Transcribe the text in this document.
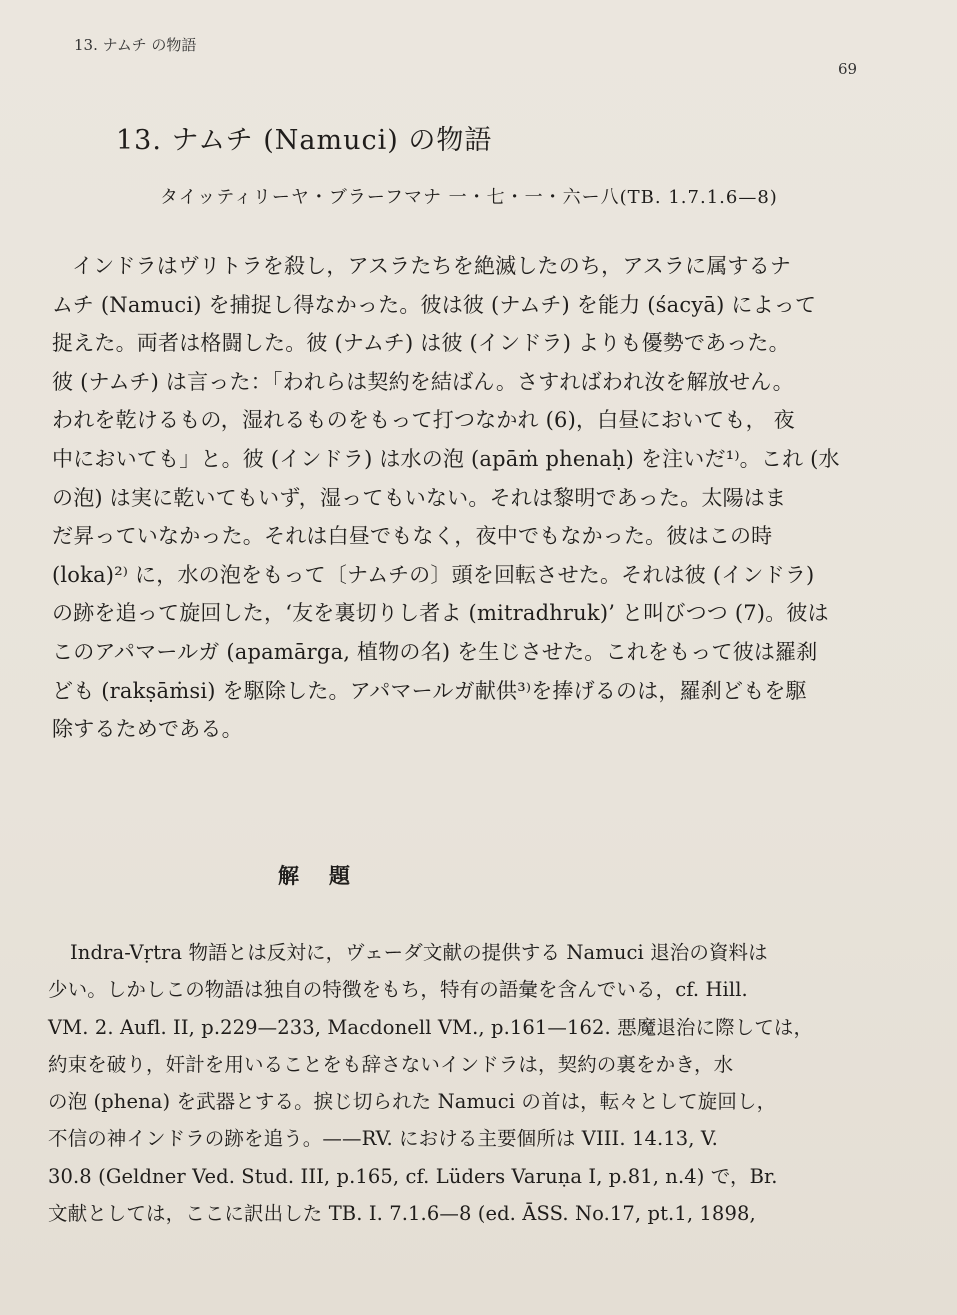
13. ナムチ の物語
69
13. ナムチ (Namuci) の物語
タイッティリーヤ・ブラーフマナ 一・七・一・六ー八(TB. 1.7.1.6—8)
インドラはヴリトラを殺し，アスラたちを絶滅したのち，アスラに属するナ
ムチ (Namuci) を捕捉し得なかった。彼は彼 (ナムチ) を能力 (śacyā) によって
捉えた。両者は格闘した。彼 (ナムチ) は彼 (インドラ) よりも優勢であった。
彼 (ナムチ) は言った：「われらは契約を結ばん。さすればわれ汝を解放せん。
われを乾けるもの，湿れるものをもって打つなかれ (6)，白昼においても， 夜
中においても」と。彼 (インドラ) は水の泡 (apāṁ phenaḥ) を注いだ¹⁾。これ (水
の泡) は実に乾いてもいず，湿ってもいない。それは黎明であった。太陽はま
だ昇っていなかった。それは白昼でもなく，夜中でもなかった。彼はこの時
(loka)²⁾ に，水の泡をもって〔ナムチの〕頭を回転させた。それは彼 (インドラ)
の跡を追って旋回した，‘友を裏切りし者よ (mitradhruk)’ と叫びつつ (7)。彼は
このアパマールガ (apamārga, 植物の名) を生じさせた。これをもって彼は羅刹
ども (rakṣāṁsi) を駆除した。アパマールガ献供³⁾を捧げるのは，羅刹どもを駆
除するためである。
解題
Indra-Vṛtra 物語とは反対に，ヴェーダ文献の提供する Namuci 退治の資料は
少い。しかしこの物語は独自の特徴をもち，特有の語彙を含んでいる，cf. Hill.
VM. 2. Aufl. II, p.229—233, Macdonell VM., p.161—162. 悪魔退治に際しては，
約束を破り，奸計を用いることをも辞さないインドラは，契約の裏をかき，水
の泡 (phena) を武器とする。捩じ切られた Namuci の首は，転々として旋回し，
不信の神インドラの跡を追う。——RV. における主要個所は VIII. 14.13, V.
30.8 (Geldner Ved. Stud. III, p.165, cf. Lüders Varuṇa I, p.81, n.4) で，Br.
文献としては，ここに訳出した TB. I. 7.1.6—8 (ed. ĀSS. No.17, pt.1, 1898,
